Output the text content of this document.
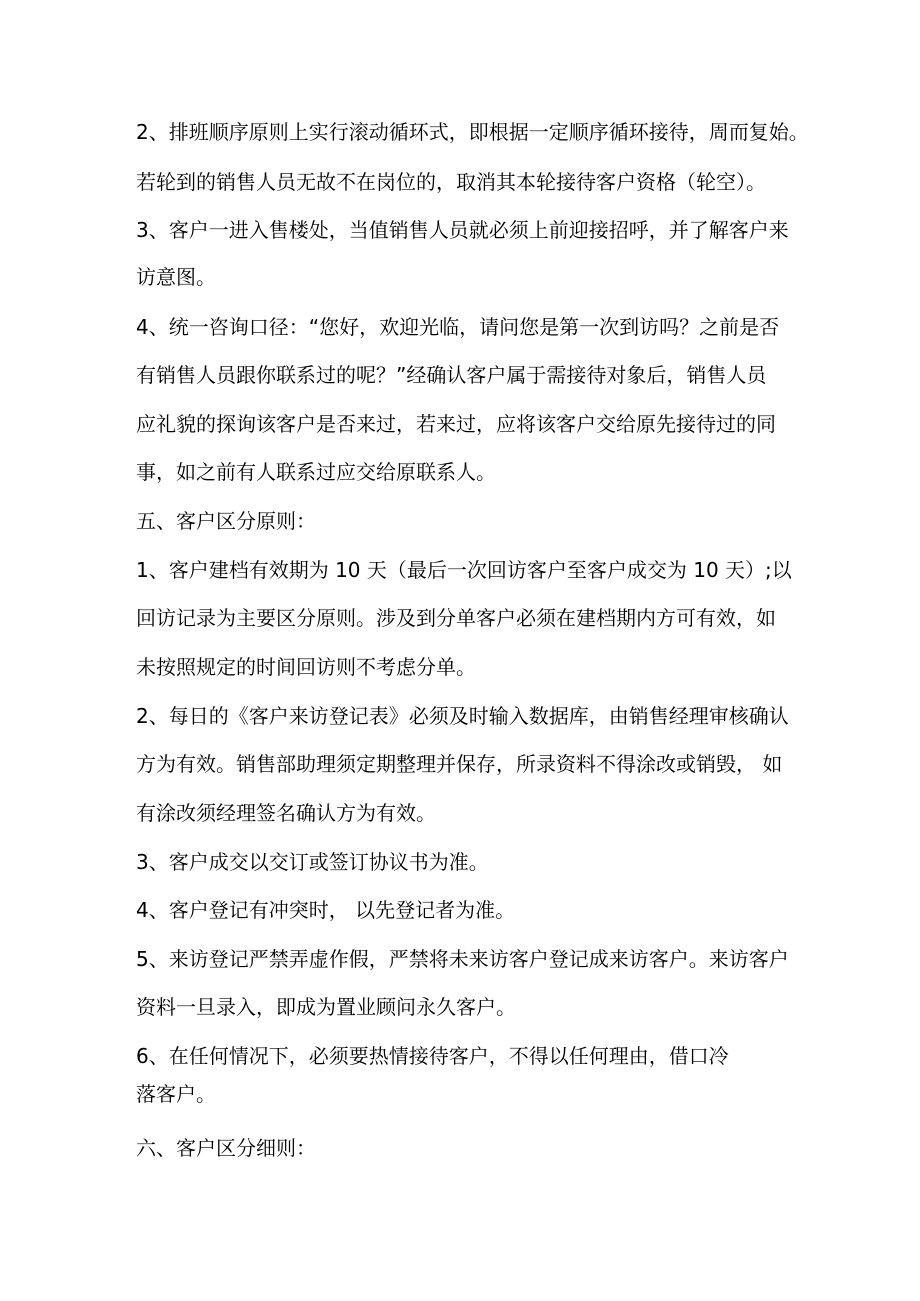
2、排班顺序原则上实行滚动循环式，即根据一定顺序循环接待，周而复始。
若轮到的销售人员无故不在岗位的，取消其本轮接待客户资格（轮空）。
3、客户一进入售楼处，当值销售人员就必须上前迎接招呼，并了解客户来
访意图。
4、统一咨询口径：“您好，欢迎光临，请问您是第一次到访吗？之前是否
有销售人员跟你联系过的呢？”经确认客户属于需接待对象后，销售人员
应礼貌的探询该客户是否来过，若来过，应将该客户交给原先接待过的同
事，如之前有人联系过应交给原联系人。
五、客户区分原则：
1、客户建档有效期为 10 天（最后一次回访客户至客户成交为 10 天）;以
回访记录为主要区分原则。涉及到分单客户必须在建档期内方可有效，如
未按照规定的时间回访则不考虑分单。
2、每日的《客户来访登记表》必须及时输入数据库，由销售经理审核确认
方为有效。销售部助理须定期整理并保存，所录资料不得涂改或销毁， 如
有涂改须经理签名确认方为有效。
3、客户成交以交订或签订协议书为准。
4、客户登记有冲突时， 以先登记者为准。
5、来访登记严禁弄虚作假，严禁将未来访客户登记成来访客户。来访客户
资料一旦录入，即成为置业顾问永久客户。
6、在任何情况下，必须要热情接待客户，不得以任何理由，借口冷
落客户。
六、客户区分细则：
